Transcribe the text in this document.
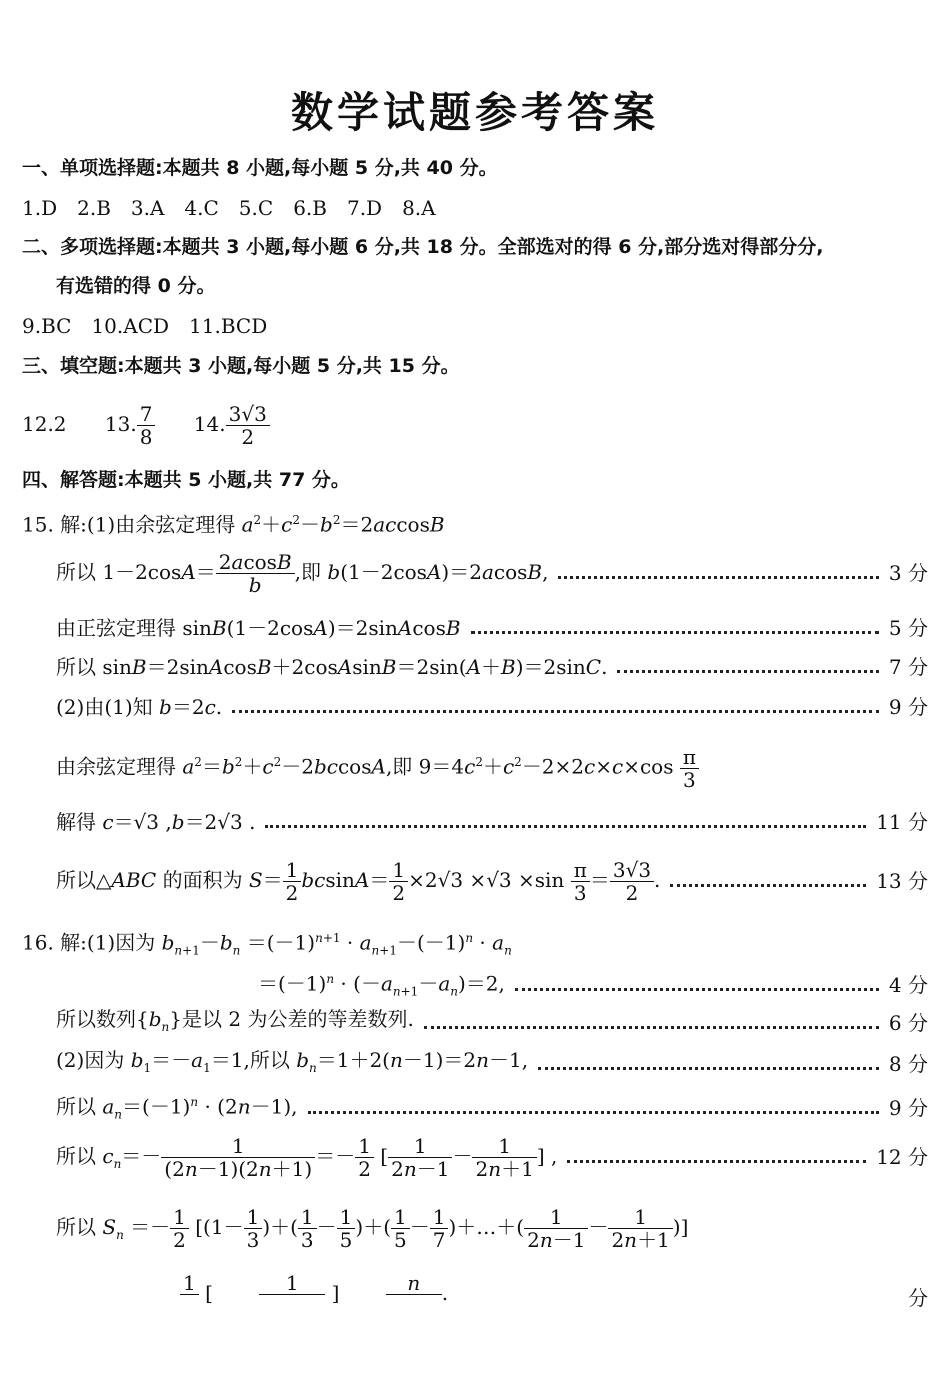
数学试题参考答案
一、单项选择题:本题共 8 小题,每小题 5 分,共 40 分。
1.D　2.B　3.A　4.C　5.C　6.B　7.D　8.A
二、多项选择题:本题共 3 小题,每小题 6 分,共 18 分。全部选对的得 6 分,部分选对得部分分,
有选错的得 0 分。
9.BC　10.ACD　11.BCD
三、填空题:本题共 3 小题,每小题 5 分,共 15 分。
12.2 13. $\frac{7}{8} 14$. $\frac{3√3}{2}$
四、解答题:本题共 5 小题,共 77 分。
15. 解:(1)由余弦定理得 $a^2+c^2-b^2=2accosB$
所以 $1-2\cos A= \frac{2acosB}{b}$ ,即 b(1－2cosA)＝2acosB,	3 分
由正弦定理得 sinB(1－2cosA)＝2sinAcosB	5 分
所以 sinB＝2sinAcosB＋2cosAsinB＝2sin(A＋B)＝2sinC.	7 分
(2)由(1)知 b＝2c.	9 分
由余弦定理得 $a^2=b^2+c^2-2bccosA$,即 $9=4c^2+c^2-2\times 2c\times c\times\cos \frac{\pi}{3}$
解得 c＝√3 ,b＝2√3 .	11 分
所以△ABC 的面积为 $S= \frac{1}{2} bcsinA= \frac{1}{2} \times 2√3 \times√3 \times\sin \frac{\pi}{3} = \frac{3√3}{2}$ .	13 分
16. 解:(1)因为 $b_{n+1}-b_n =(-1)^{n+1} \cdot a_{n+1}-(-1)^n \cdot a_n$
$=(-1)^n \cdot (-a_{n+1}-a_n)=2$,	4 分
所以数列$\{b_n\}$是以 2 为公差的等差数列.	6 分
(2)因为 $b_1=-a_1=1$,所以 $b_n=1+2(n-1)=2n-1$,	8 分
所以 $a_n=(-1)^n \cdot (2n-1)$,	9 分
所以 $c_n=- \frac{1}{(2n-1)(2n+1)} =- \frac{1}{2}$ [ $\frac{1}{2n-1} - \frac{1}{2n+1}$ ] ,	12 分
所以 $S_n =- \frac{1}{2} [(1- \frac{1}{3}$ )＋( $\frac{1}{3} - \frac{1}{5}$ )＋( $\frac{1}{5} - \frac{1}{7}$ )＋…＋( $\frac{1}{2n-1} - \frac{1}{2n+1}$ )]
1
[	1
	]	n
	.	分
